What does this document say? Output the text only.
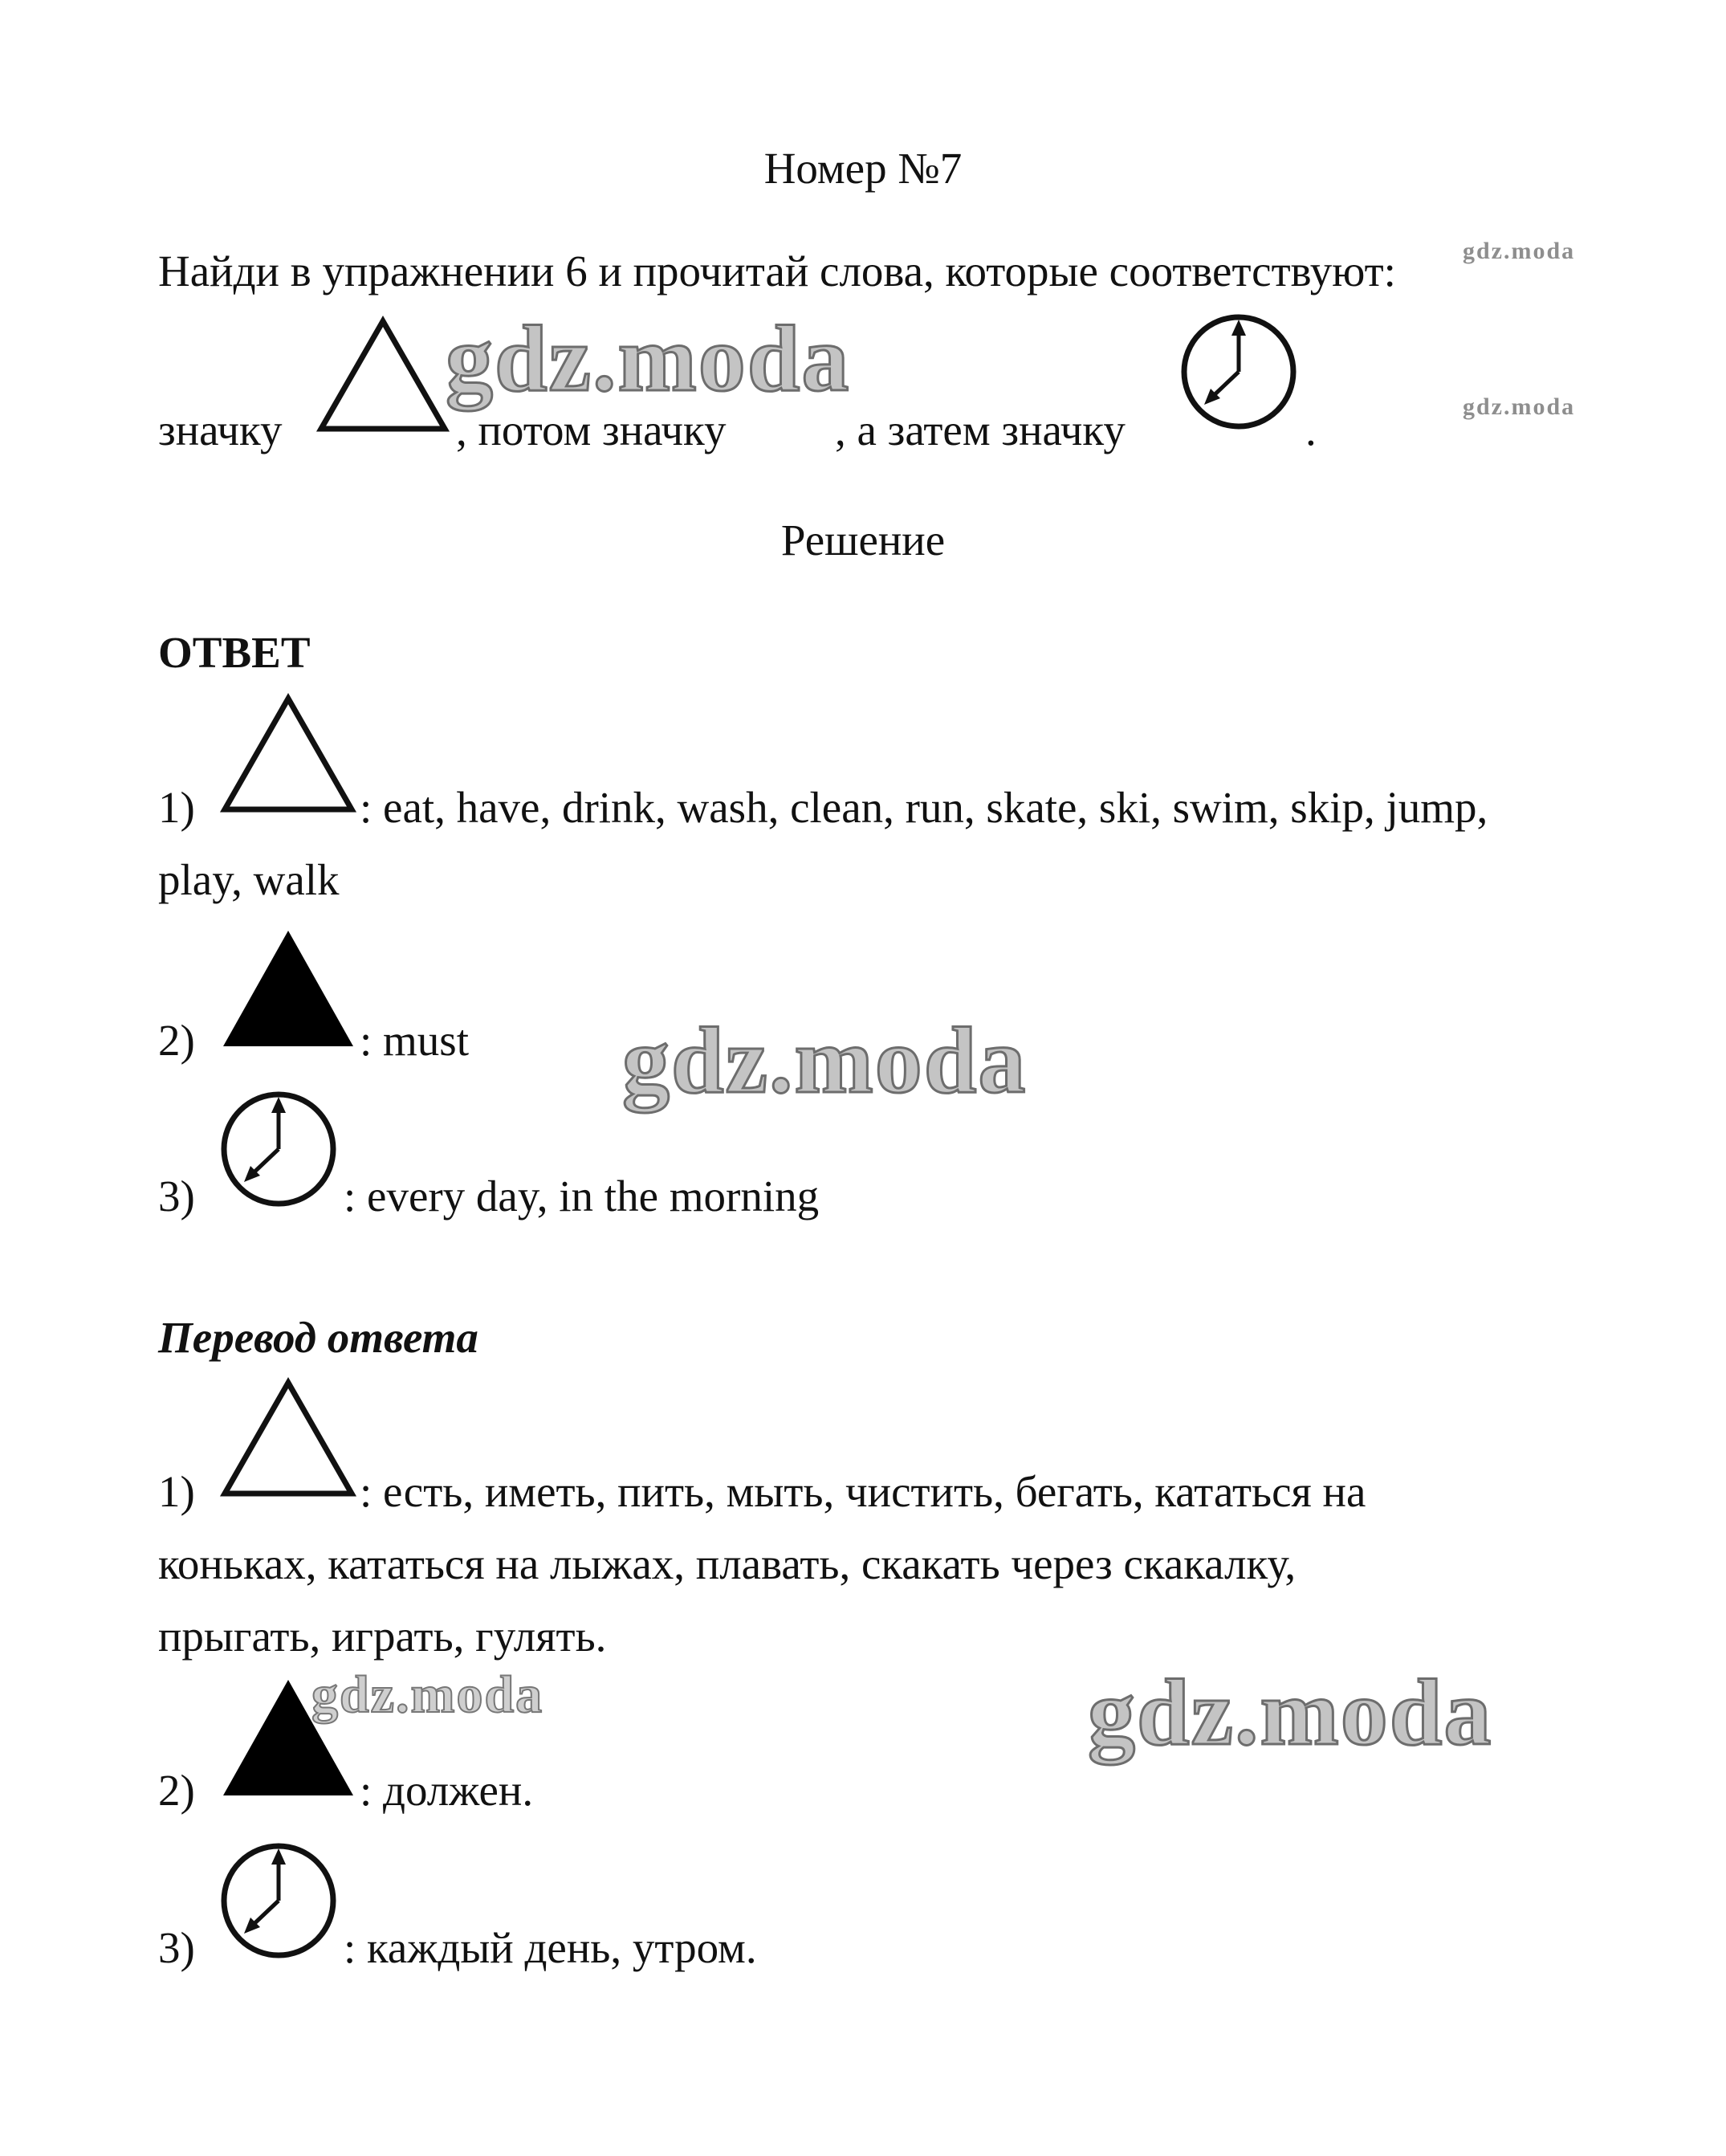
Номер №7
Найди в упражнении 6 и прочитай слова, которые соответствуют:
значку	, потом значку , а затем значку	.
Решение
ОТВЕТ
1)	: eat, have, drink, wash, clean, run, skate, ski, swim, skip, jump,
play, walk
2)	: must
3)	: every day, in the morning
Перевод ответа
1)	: есть, иметь, пить, мыть, чистить, бегать, кататься на
коньках, кататься на лыжах, плавать, скакать через скакалку,
прыгать, играть, гулять.
2)	: должен.
3)	: каждый день, утром.
gdz.moda
gdz.moda
gdz.moda
gdz.moda
gdz.moda	gdz.moda
